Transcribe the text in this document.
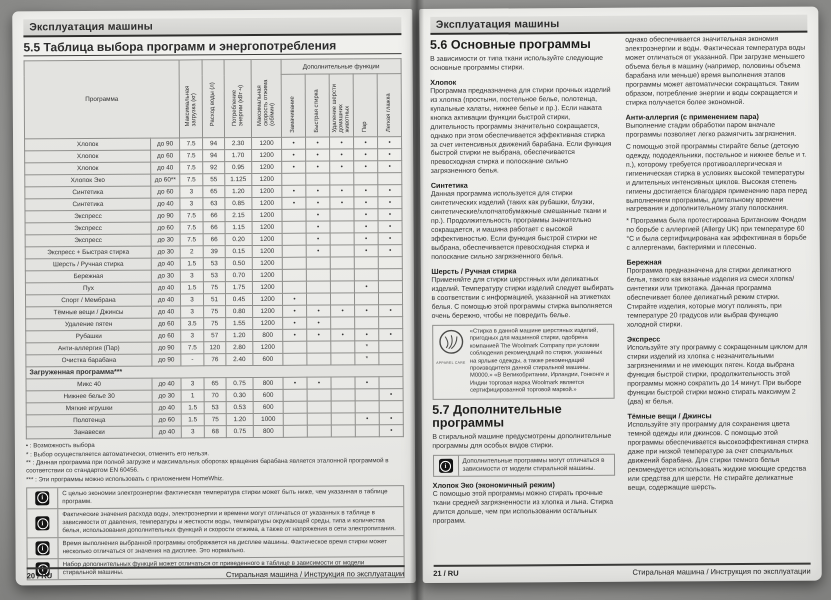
Эксплуатация машины
5.5 Таблица выбора программ и энергопотребления
Программа		Максимальная загрузка (кг)	Расход воды (л)	Потребление энергии (кВт·ч)	Максимальная скорость отжима (об/мин)	Дополнительные функции				
						Замачивание	Быстрая стирка	Удаление шерсти домашних животных	Пар	Легкая глажка
Хлопок	до 90	7.5	94	2.30	1200	•	•	•	•	•
Хлопок	до 60	7.5	94	1.70	1200	•	•	•	•	•
Хлопок	до 40	7.5	92	0.95	1200	•	•	•	•	•
Хлопок Эко	до 60**	7.5	55	1.125	1200					
Синтетика	до 60	3	65	1.20	1200	•	•	•	•	•
Синтетика	до 40	3	63	0.85	1200	•	•	•	•	•
Экспресс	до 90	7.5	66	2.15	1200		•		•	•
Экспресс	до 60	7.5	66	1.15	1200		•		•	•
Экспресс	до 30	7.5	66	0.20	1200		•		•	•
Экспресс + Быстрая стирка	до 30	2	39	0.15	1200		•		•	•
Шерсть / Ручная стирка	до 40	1.5	53	0.50	1200					
Бережная	до 30	3	53	0.70	1200					
Пух	до 40	1.5	75	1.75	1200				•	
Спорт / Мембрана	до 40	3	51	0.45	1200	•				
Тёмные вещи / Джинсы	до 40	3	75	0.80	1200	•	•	•	•	•
Удаление пятен	до 60	3.5	75	1.55	1200	•	•			
Рубашки	до 60	3	57	1.20	800	•	•	•	•	•
Анти-аллергия (Пар)	до 90	7.5	120	2.80	1200				*	
Очистка барабана	до 90	-	76	2.40	600				*	
Загруженная программа***										
Микс 40	до 40	3	65	0.75	800	•	•		•	
Нижнее белье 30	до 30	1	70	0.30	600					•
Мягкие игрушки	до 40	1.5	53	0.53	600					
Полотенца	до 60	1.5	75	1.20	1000				•	•
Занавески	до 40	3	68	0.75	800					•
• : Возможность выбора
* : Выбор осуществляется автоматически, отменить его нельзя.
** : Данная программа при полной загрузке и максимальных оборотах вращения барабана является эталонной программой в соответствии со стандартом EN 60456.
*** : Эти программы можно использовать с приложением HomeWhiz.
i

С целью экономии электроэнергии фактическая температура стирки может быть ниже, чем указанная в таблице программ.

i

Фактические значения расхода воды, электроэнергии и времени могут отличаться от указанных в таблице в зависимости от давления, температуры и жесткости воды, температуры окружающей среды, типа и количества белья, использования дополнительных функций и скорости отжима, а также от напряжения в сети электропитания.

i

Время выполнения выбранной программы отображается на дисплее машины. Фактическое время стирки может несколько отличаться от значения на дисплее. Это нормально.

i

Набор дополнительных функций может отличаться от приведенного в таблице в зависимости от модели стиральной машины.

20 / RU	Стиральная машина / Инструкция по эксплуатации
Эксплуатация машины
5.6 Основные программы

В зависимости от типа ткани используйте следующие основные программы стирки.

Хлопок

Программа предназначена для стирки прочных изделий из хлопка (простыни, постельное белье, полотенца, купальные халаты, нижнее белье и пр.). Если нажата кнопка активации функции быстрой стирки, длительность программы значительно сокращается, однако при этом обеспечивается эффективная стирка за счет интенсивных движений барабана. Если функция быстрой стирки не выбрана, обеспечивается превосходная стирка и полоскание сильно загрязненного белья.

Синтетика

Данная программа используется для стирки синтетических изделий (таких как рубашки, блузки, синтетические/хлопчатобумажные смешанные ткани и пр.). Продолжительность программы значительно сокращается, и машина работает с высокой эффективностью. Если функция быстрой стирки не выбрана, обеспечивается превосходная стирка и полоскание сильно загрязненного белья.

Шерсть / Ручная стирка

Применяйте для стирки шерстяных или деликатных изделий. Температуру стирки изделий следует выбирать в соответствии с информацией, указанной на этикетках белья. С помощью этой программы стирка выполняется очень бережно, чтобы не повредить белье.

APPAREL CARE

«Стирка в данной машине шерстяных изделий, пригодных для машинной стирки, одобрена компанией The Woolmark Company при условии соблюдения рекомендаций по стирке, указанных на ярлыке одежды, а также рекомендаций производителя данной стиральной машины. M0000.» «В Великобритании, Ирландии, Гонконге и Индии торговая марка Woolmark является сертифицированной торговой маркой.»

5.7 Дополнительные программы

В стиральной машине предусмотрены дополнительные программы для особых видов стирки.

i

Дополнительные программы могут отличаться в зависимости от модели стиральной машины.

Хлопок Эко (экономичный режим)

С помощью этой программы можно стирать прочные ткани средней загрязненности из хлопка и льна. Стирка длится дольше, чем при использовании остальных программ.

однако обеспечивается значительная экономия электроэнергии и воды. Фактическая температура воды может отличаться от указанной. При загрузке меньшего объема белья в машину (например, половины объема барабана или меньше) время выполнения этапов программы может автоматически сокращаться. Таким образом, потребление энергии и воды сокращается и стирка получается более экономной.

Анти-аллергия (с применением пара)

Выполнение стадии обработки паром вначале программы позволяет легко размягчить загрязнения.

С помощью этой программы стирайте белье (детскую одежду, пододеяльники, постельное и нижнее белье и т. п.), которому требуется противоаллергическая и гигиеническая стирка в условиях высокой температуры и длительных интенсивных циклов. Высокая степень гигиены достигается благодаря применению пара перед выполнением программы, длительному времени нагревания и дополнительному этапу полоскания.

* Программа была протестирована Британским Фондом по борьбе с аллергией (Allergy UK) при температуре 60 °C и была сертифицирована как эффективная в борьбе с аллергенами, бактериями и плесенью.

Бережная

Программа предназначена для стирки деликатного белья, такого как вязаные изделия из смеси хлопка/синтетики или трикотажа. Данная программа обеспечивает более деликатный режим стирки. Стирайте изделия, которые могут полинять, при температуре 20 градусов или выбрав функцию холодной стирки.

Экспресс

Используйте эту программу с сокращенным циклом для стирки изделий из хлопка с незначительными загрязнениями и не имеющих пятен. Когда выбрана функция быстрой стирки, продолжительность этой программы можно сократить до 14 минут. При выборе функции быстрой стирки можно стирать максимум 2 (два) кг белья.

Тёмные вещи / Джинсы

Используйте эту программу для сохранения цвета темной одежды или джинсов. С помощью этой программы обеспечивается высокоэффективная стирка даже при низкой температуре за счет специальных движений барабана. Для стирки темного белья рекомендуется использовать жидкие моющие средства или средства для шерсти. Не стирайте деликатные вещи, содержащие шерсть.

21 / RU	Стиральная машина / Инструкция по эксплуатации
